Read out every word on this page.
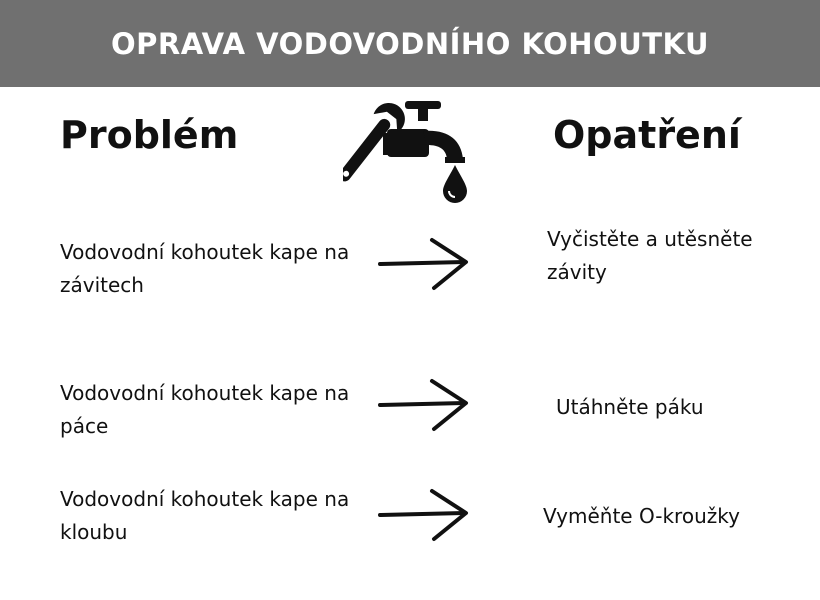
OPRAVA VODOVODNÍHO KOHOUTKU
Problém	Opatření
Vodovodní kohoutek kape na závitech
Vyčistěte a utěsněte závity
Vodovodní kohoutek kape na páce
Utáhněte páku
Vodovodní kohoutek kape na kloubu
Vyměňte O-kroužky
